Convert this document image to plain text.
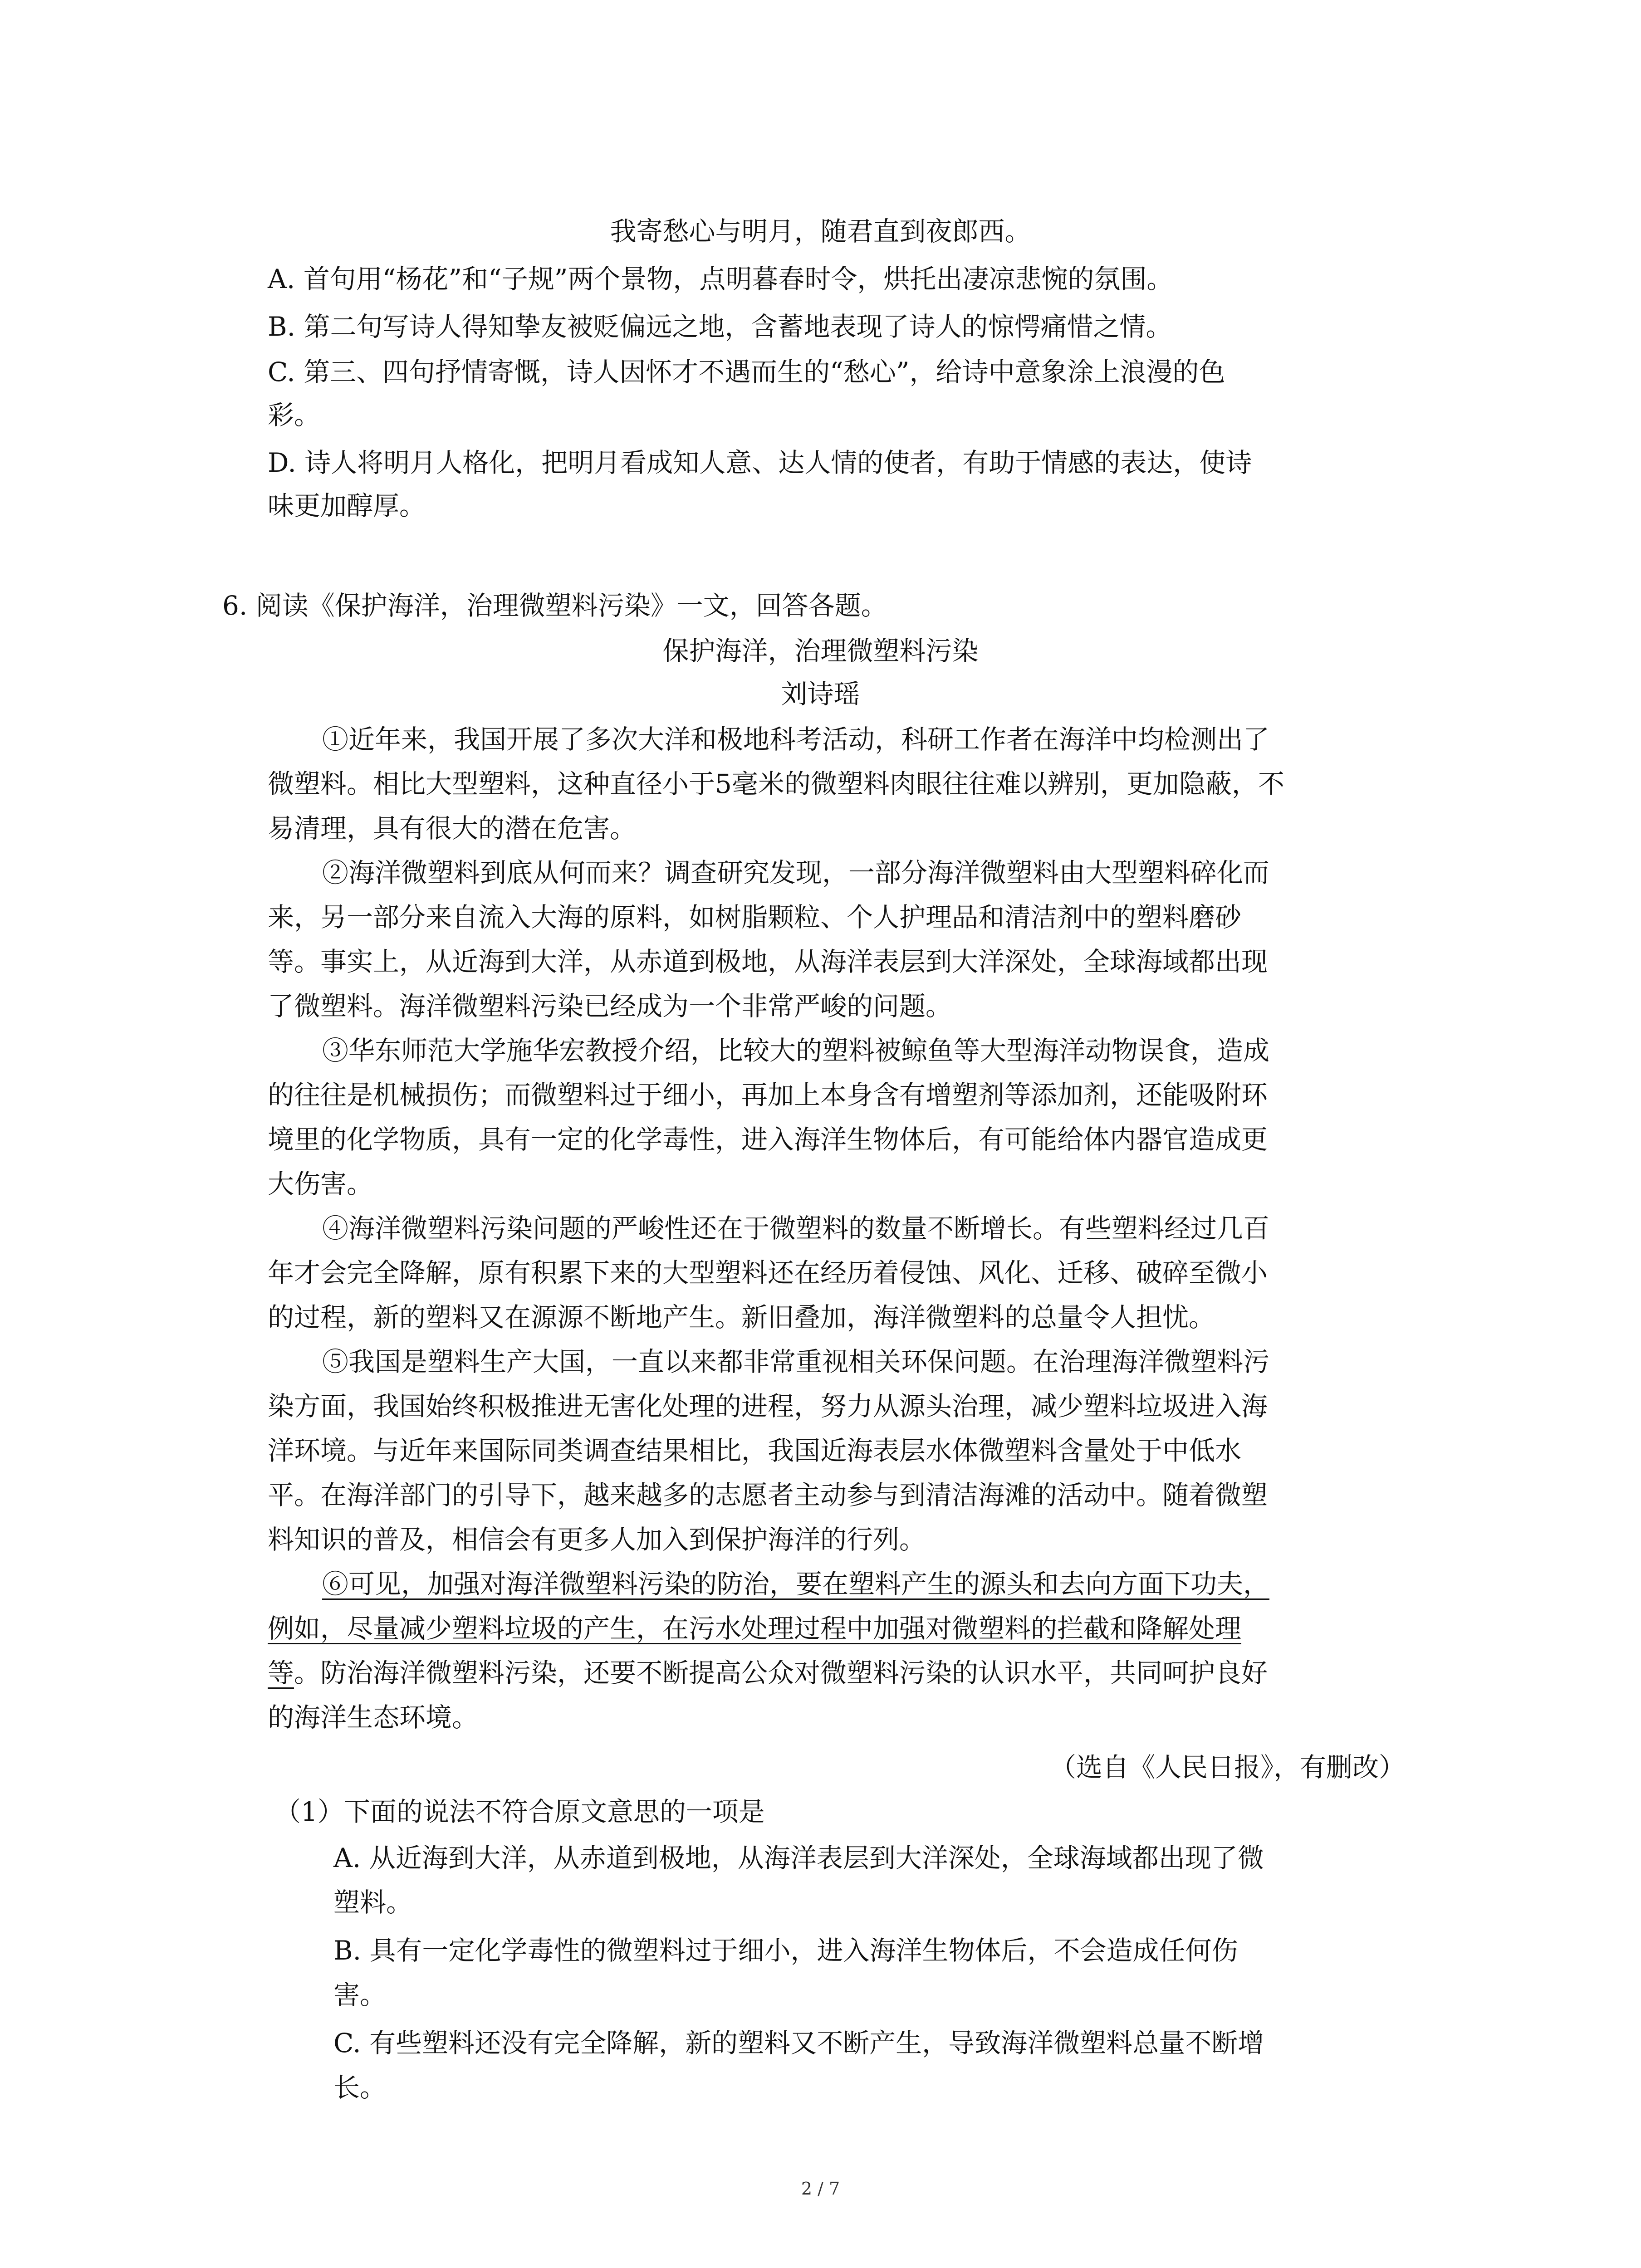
我寄愁心与明月，随君直到夜郎西。
A. 首句用“杨花”和“子规”两个景物，点明暮春时令，烘托出凄凉悲惋的氛围。
B. 第二句写诗人得知挚友被贬偏远之地，含蓄地表现了诗人的惊愕痛惜之情。
C. 第三、四句抒情寄慨，诗人因怀才不遇而生的“愁心”，给诗中意象涂上浪漫的色
彩。
D. 诗人将明月人格化，把明月看成知人意、达人情的使者，有助于情感的表达，使诗
味更加醇厚。
6. 阅读《保护海洋，治理微塑料污染》一文，回答各题。
保护海洋，治理微塑料污染
刘诗瑶
①近年来，我国开展了多次大洋和极地科考活动，科研工作者在海洋中均检测出了
微塑料。相比大型塑料，这种直径小于5毫米的微塑料肉眼往往难以辨别，更加隐蔽，不
易清理，具有很大的潜在危害。
②海洋微塑料到底从何而来？调查研究发现，一部分海洋微塑料由大型塑料碎化而
来，另一部分来自流入大海的原料，如树脂颗粒、个人护理品和清洁剂中的塑料磨砂
等。事实上，从近海到大洋，从赤道到极地，从海洋表层到大洋深处，全球海域都出现
了微塑料。海洋微塑料污染已经成为一个非常严峻的问题。
③华东师范大学施华宏教授介绍，比较大的塑料被鲸鱼等大型海洋动物误食，造成
的往往是机械损伤；而微塑料过于细小，再加上本身含有增塑剂等添加剂，还能吸附环
境里的化学物质，具有一定的化学毒性，进入海洋生物体后，有可能给体内器官造成更
大伤害。
④海洋微塑料污染问题的严峻性还在于微塑料的数量不断增长。有些塑料经过几百
年才会完全降解，原有积累下来的大型塑料还在经历着侵蚀、风化、迁移、破碎至微小
的过程，新的塑料又在源源不断地产生。新旧叠加，海洋微塑料的总量令人担忧。
⑤我国是塑料生产大国，一直以来都非常重视相关环保问题。在治理海洋微塑料污
染方面，我国始终积极推进无害化处理的进程，努力从源头治理，减少塑料垃圾进入海
洋环境。与近年来国际同类调查结果相比，我国近海表层水体微塑料含量处于中低水
平。在海洋部门的引导下，越来越多的志愿者主动参与到清洁海滩的活动中。随着微塑
料知识的普及，相信会有更多人加入到保护海洋的行列。
⑥可见，加强对海洋微塑料污染的防治，要在塑料产生的源头和去向方面下功夫，
例如，尽量减少塑料垃圾的产生，在污水处理过程中加强对微塑料的拦截和降解处理
等。防治海洋微塑料污染，还要不断提高公众对微塑料污染的认识水平，共同呵护良好
的海洋生态环境。
（选自《人民日报》，有删改）
（1）下面的说法不符合原文意思的一项是
A. 从近海到大洋，从赤道到极地，从海洋表层到大洋深处，全球海域都出现了微
塑料。
B. 具有一定化学毒性的微塑料过于细小，进入海洋生物体后，不会造成任何伤
害。
C. 有些塑料还没有完全降解，新的塑料又不断产生，导致海洋微塑料总量不断增
长。
2 / 7
